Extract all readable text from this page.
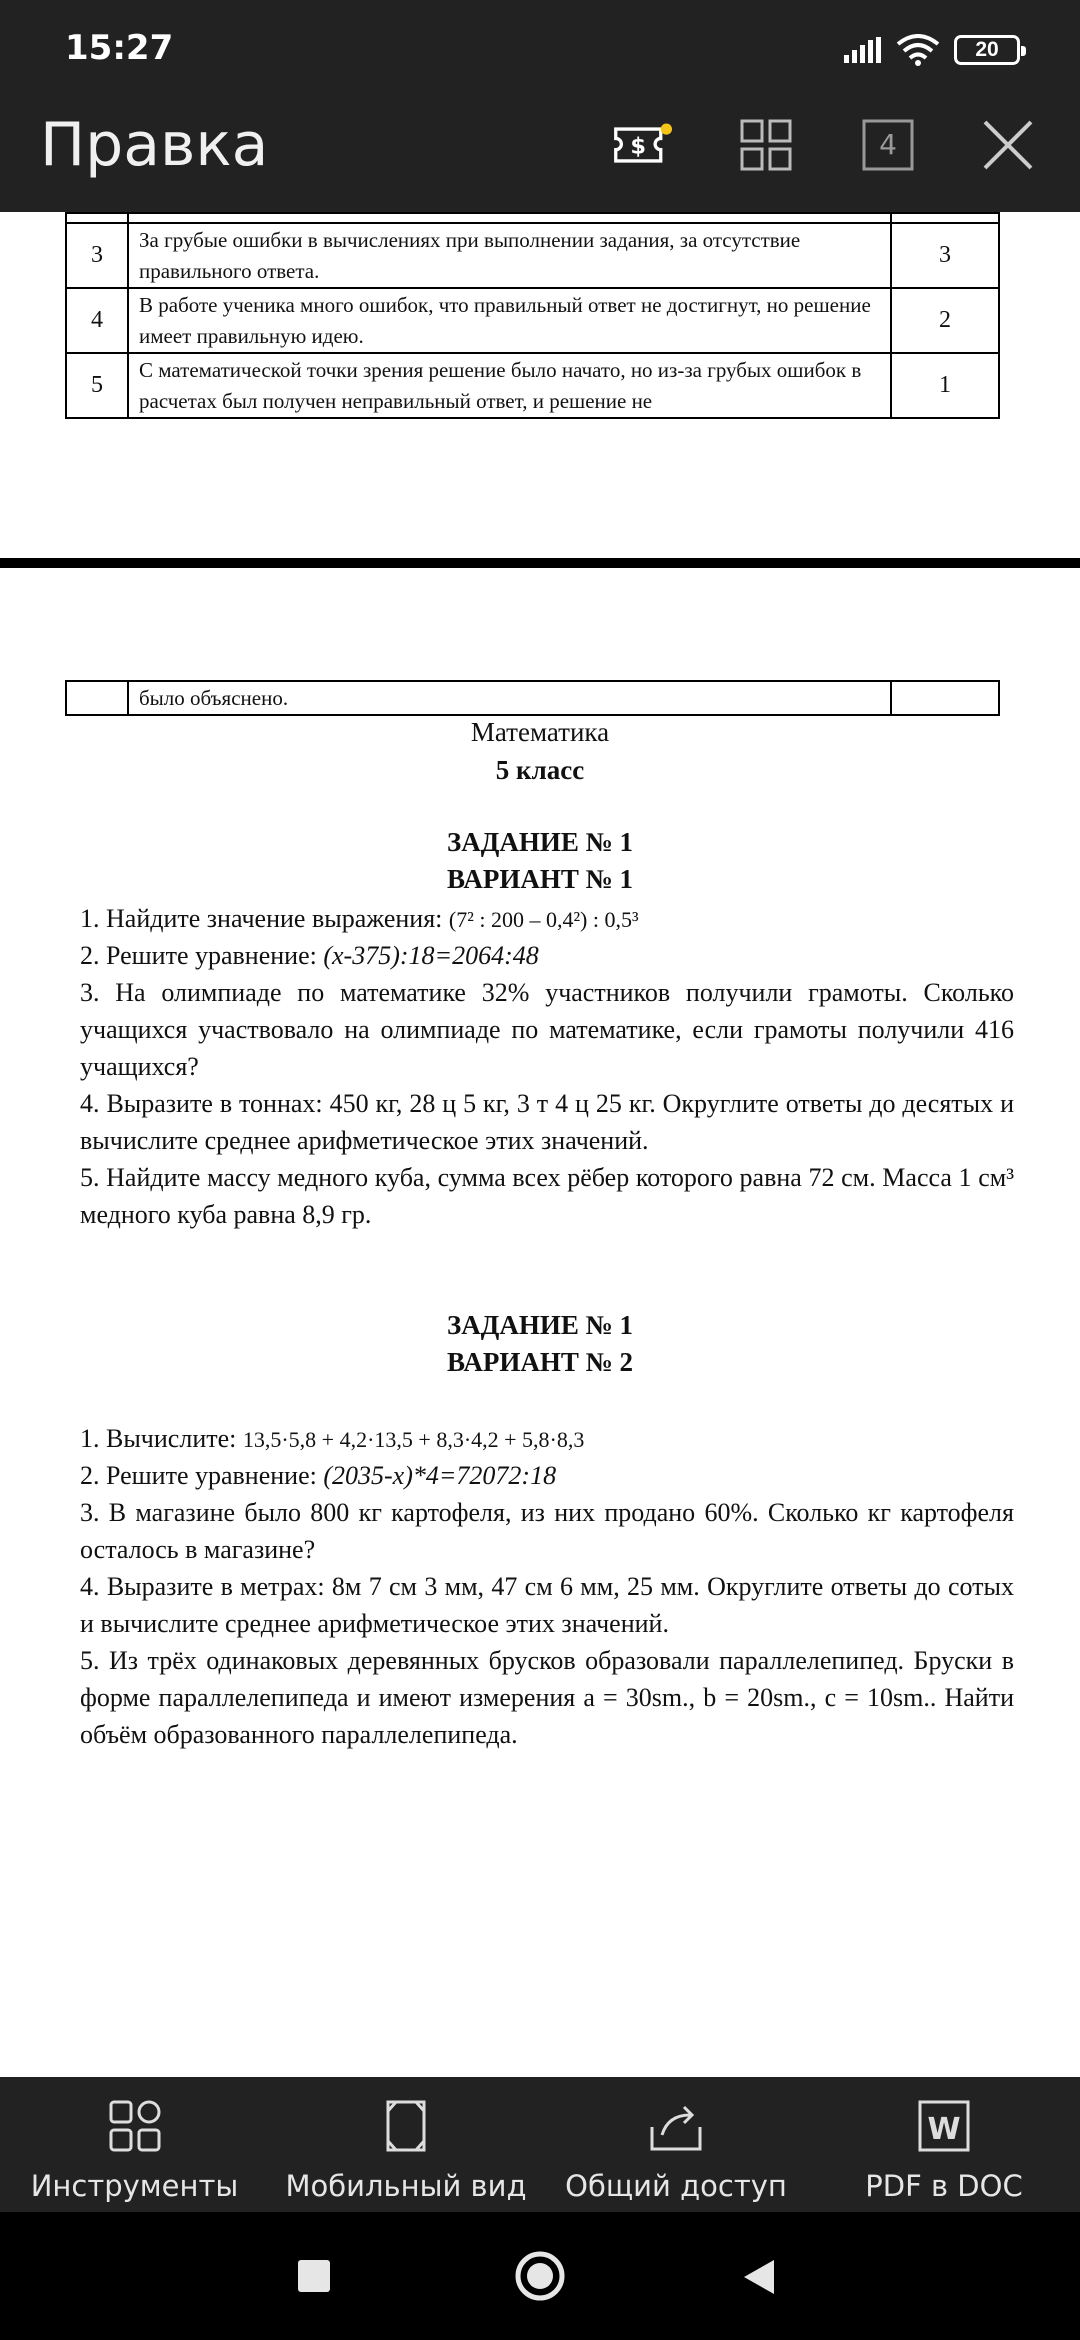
15:27	20
Правка	$	4

3	За грубые ошибки в вычислениях при выполнении задания, за отсутствие правильного ответа.	3
4	В работе ученика много ошибок, что правильный ответ не достигнут, но решение имеет правильную идею.	2
5	С математической точки зрения решение было начато, но из-за грубых ошибок в расчетах был получен неправильный ответ, и решение не	1
	было объяснено.	
Математика
5 класс
ЗАДАНИЕ № 1
ВАРИАНТ № 1
1. Найдите значение выражения: (7² : 200 – 0,4²) : 0,5³
2. Решите уравнение: (x-375):18=2064:48
3. На олимпиаде по математике 32% участников получили грамоты. Сколько учащихся участвовало на олимпиаде по математике, если грамоты получили 416 учащихся?
4. Выразите в тоннах: 450 кг, 28 ц 5 кг, 3 т 4 ц 25 кг. Округлите ответы до десятых и вычислите среднее арифметическое этих значений.
5. Найдите массу медного куба, сумма всех рёбер которого равна 72 см. Масса 1 см³ медного куба равна 8,9 гр.
ЗАДАНИЕ № 1
ВАРИАНТ № 2
1. Вычислите: 13,5·5,8 + 4,2·13,5 + 8,3·4,2 + 5,8·8,3
2. Решите уравнение: (2035-x)*4=72072:18
3. В магазине было 800 кг картофеля, из них продано 60%. Сколько кг картофеля осталось в магазине?
4. Выразите в метрах: 8м 7 см 3 мм, 47 см 6 мм, 25 мм. Округлите ответы до сотых и вычислите среднее арифметическое этих значений.
5. Из трёх одинаковых деревянных брусков образовали параллелепипед. Бруски в форме параллелепипеда и имеют измерения a = 30sm., b = 20sm., c = 10sm.. Найти объём образованного параллелепипеда.
Инструменты Мобильный вид Общий доступ
W
PDF в DOC
